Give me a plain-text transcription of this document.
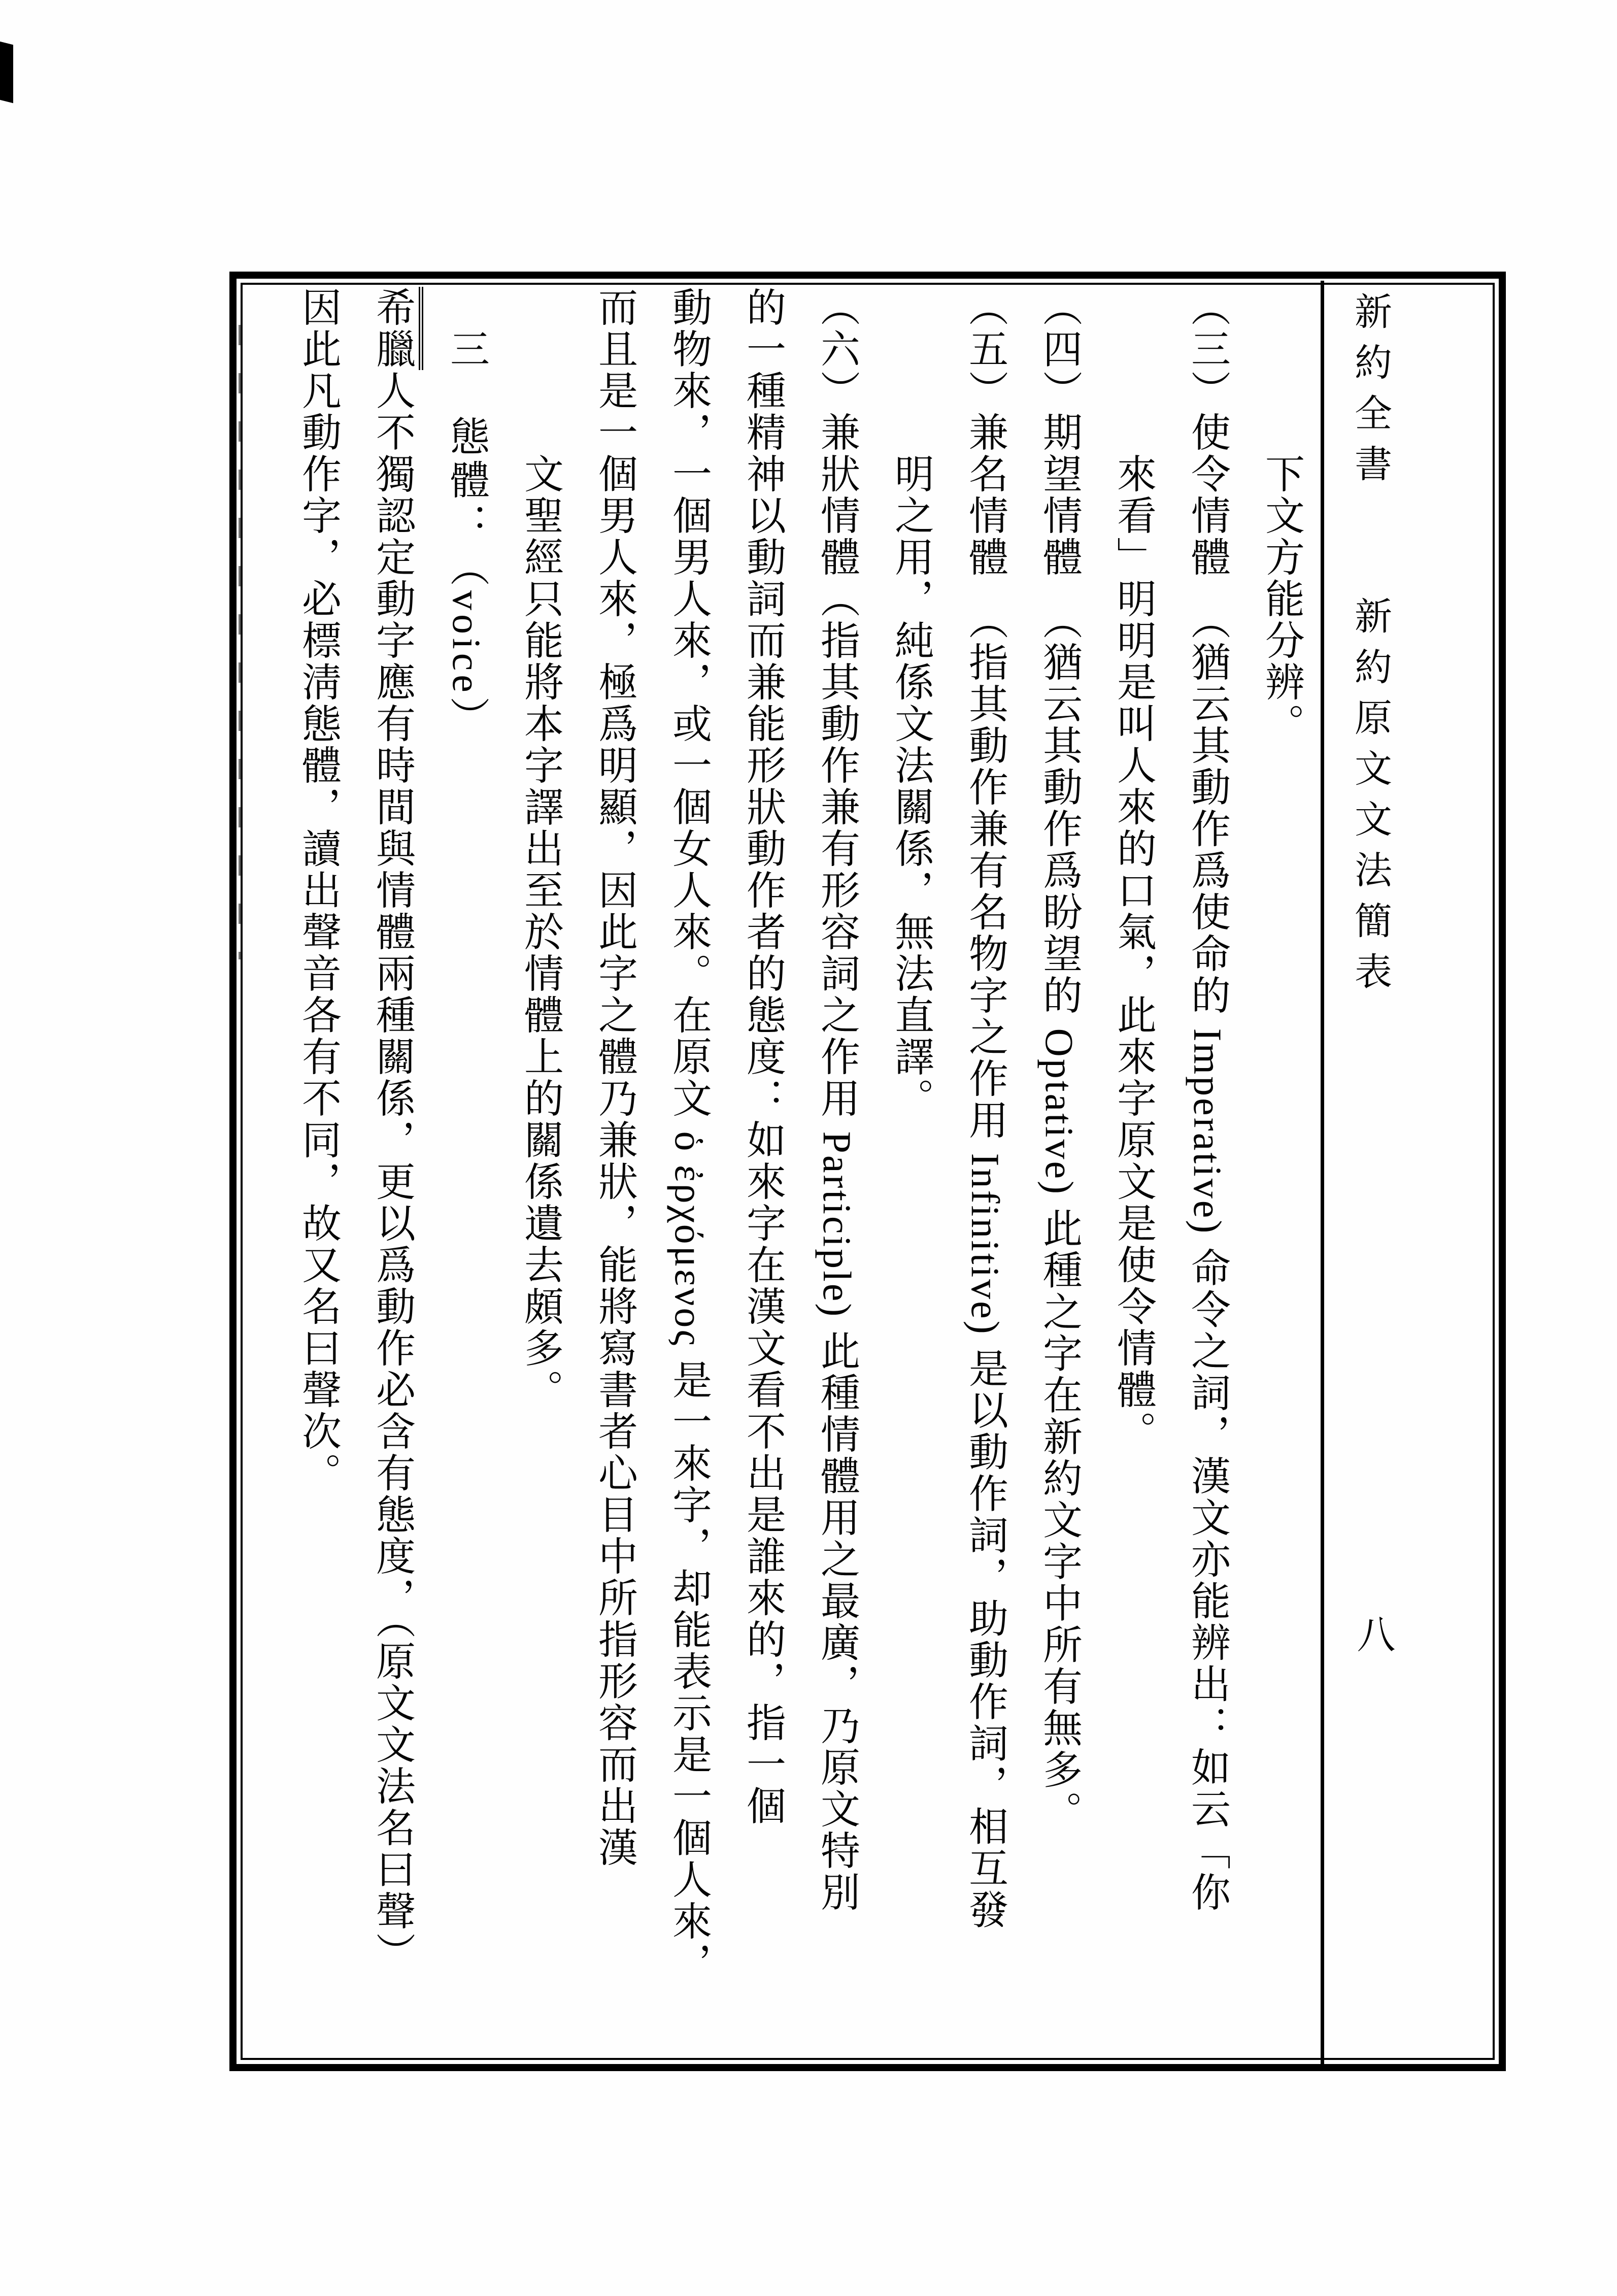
新約全書　　新約原文文法簡表
八
下文方能分辨。
（三）使令情體　（猶云其動作爲使命的 Imperative) 命令之詞，漢文亦能辨出：如云「你
來看」明明是叫人來的口氣，此來字原文是使令情體。
（四）期望情體　（猶云其動作爲盼望的 Optative) 此種之字在新約文字中所有無多。
（五）兼名情體　（指其動作兼有名物字之作用 Infinitive) 是以動作詞，助動作詞，相互發
明之用，純係文法關係，無法直譯。
（六）兼狀情體（指其動作兼有形容詞之作用 Participle) 此種情體用之最廣，乃原文特別
的一種精神以動詞而兼能形狀動作者的態度：如來字在漢文看不出是誰來的，指一個
動物來，一個男人來，或一個女人來。在原文 ὁ ἐρχόμενος 是一來字，却能表示是一個人來，
而且是一個男人來，極爲明顯，因此字之體乃兼狀，能將寫書者心目中所指形容而出漢
文聖經只能將本字譯出至於情體上的關係遺去頗多。
三　態體：（voice）
希臘人不獨認定動字應有時間與情體兩種關係，更以爲動作必含有態度，（原文文法名曰聲）
因此凡動作字，必標淸態體，讀出聲音各有不同，故又名曰聲次。
